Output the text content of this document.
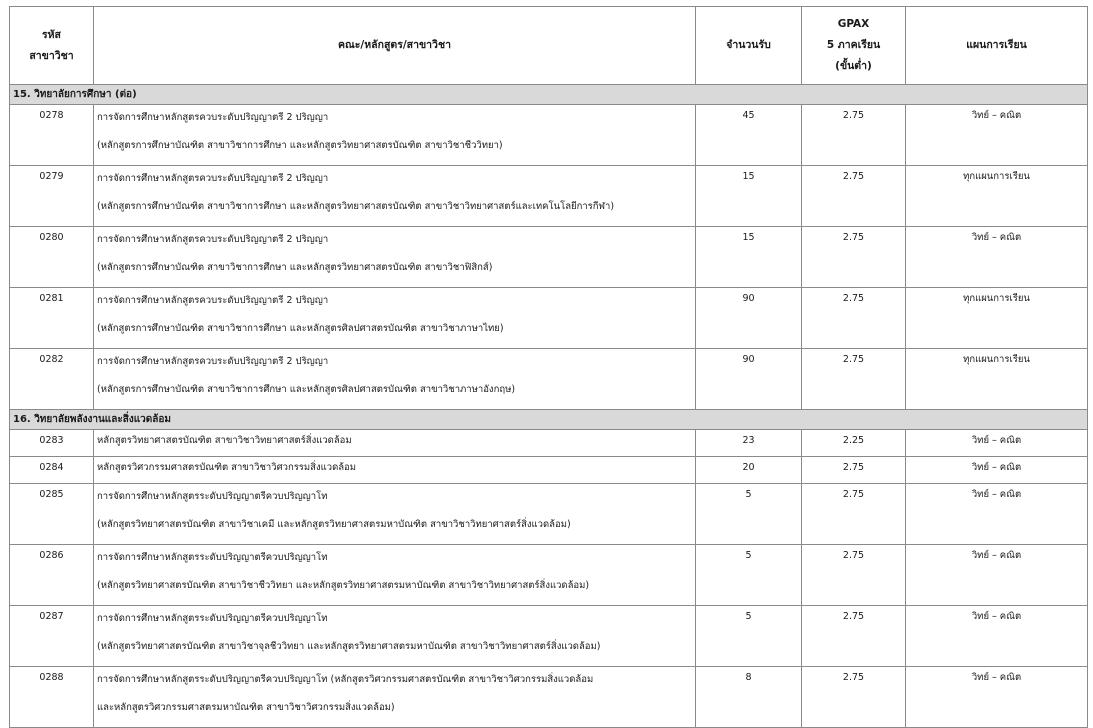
รหัส
สาขาวิชา	คณะ/หลักสูตร/สาขาวิชา	จำนวนรับ	GPAX
5 ภาคเรียน
(ขั้นต่ำ)	แผนการเรียน
15. วิทยาลัยการศึกษา (ต่อ)				
0278	การจัดการศึกษาหลักสูตรควบระดับปริญญาตรี 2 ปริญญา
(หลักสูตรการศึกษาบัณฑิต สาขาวิชาการศึกษา และหลักสูตรวิทยาศาสตรบัณฑิต สาขาวิชาชีววิทยา)	45	2.75	วิทย์ – คณิต
0279	การจัดการศึกษาหลักสูตรควบระดับปริญญาตรี 2 ปริญญา
(หลักสูตรการศึกษาบัณฑิต สาขาวิชาการศึกษา และหลักสูตรวิทยาศาสตรบัณฑิต สาขาวิชาวิทยาศาสตร์และเทคโนโลยีการกีฬา)	15	2.75	ทุกแผนการเรียน
0280	การจัดการศึกษาหลักสูตรควบระดับปริญญาตรี 2 ปริญญา
(หลักสูตรการศึกษาบัณฑิต สาขาวิชาการศึกษา และหลักสูตรวิทยาศาสตรบัณฑิต สาขาวิชาฟิสิกส์)	15	2.75	วิทย์ – คณิต
0281	การจัดการศึกษาหลักสูตรควบระดับปริญญาตรี 2 ปริญญา
(หลักสูตรการศึกษาบัณฑิต สาขาวิชาการศึกษา และหลักสูตรศิลปศาสตรบัณฑิต สาขาวิชาภาษาไทย)	90	2.75	ทุกแผนการเรียน
0282	การจัดการศึกษาหลักสูตรควบระดับปริญญาตรี 2 ปริญญา
(หลักสูตรการศึกษาบัณฑิต สาขาวิชาการศึกษา และหลักสูตรศิลปศาสตรบัณฑิต สาขาวิชาภาษาอังกฤษ)	90	2.75	ทุกแผนการเรียน
16. วิทยาลัยพลังงานและสิ่งแวดล้อม				
0283	หลักสูตรวิทยาศาสตรบัณฑิต สาขาวิชาวิทยาศาสตร์สิ่งแวดล้อม	23	2.25	วิทย์ – คณิต
0284	หลักสูตรวิศวกรรมศาสตรบัณฑิต สาขาวิชาวิศวกรรมสิ่งแวดล้อม	20	2.75	วิทย์ – คณิต
0285	การจัดการศึกษาหลักสูตรระดับปริญญาตรีควบปริญญาโท
(หลักสูตรวิทยาศาสตรบัณฑิต สาขาวิชาเคมี และหลักสูตรวิทยาศาสตรมหาบัณฑิต สาขาวิชาวิทยาศาสตร์สิ่งแวดล้อม)	5	2.75	วิทย์ – คณิต
0286	การจัดการศึกษาหลักสูตรระดับปริญญาตรีควบปริญญาโท
(หลักสูตรวิทยาศาสตรบัณฑิต สาขาวิชาชีววิทยา และหลักสูตรวิทยาศาสตรมหาบัณฑิต สาขาวิชาวิทยาศาสตร์สิ่งแวดล้อม)	5	2.75	วิทย์ – คณิต
0287	การจัดการศึกษาหลักสูตรระดับปริญญาตรีควบปริญญาโท
(หลักสูตรวิทยาศาสตรบัณฑิต สาขาวิชาจุลชีววิทยา และหลักสูตรวิทยาศาสตรมหาบัณฑิต สาขาวิชาวิทยาศาสตร์สิ่งแวดล้อม)	5	2.75	วิทย์ – คณิต
0288	การจัดการศึกษาหลักสูตรระดับปริญญาตรีควบปริญญาโท (หลักสูตรวิศวกรรมศาสตรบัณฑิต สาขาวิชาวิศวกรรมสิ่งแวดล้อม
และหลักสูตรวิศวกรรมศาสตรมหาบัณฑิต สาขาวิชาวิศวกรรมสิ่งแวดล้อม)	8	2.75	วิทย์ – คณิต
